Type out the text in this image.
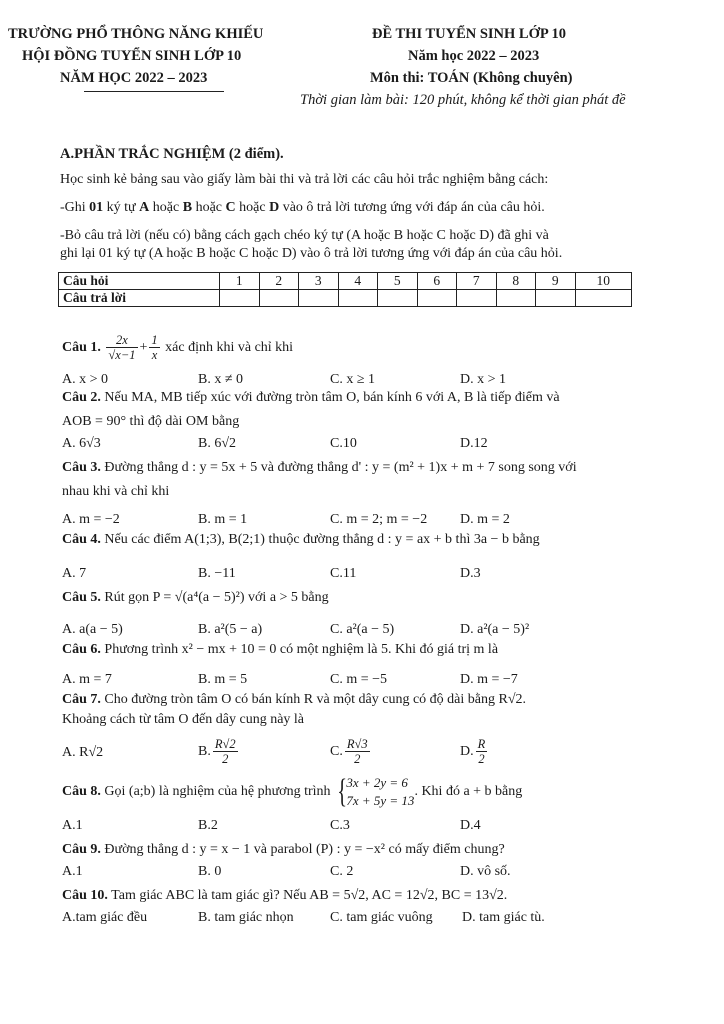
TRƯỜNG PHỔ THÔNG NĂNG KHIẾU
HỘI ĐỒNG TUYỂN SINH LỚP 10
NĂM HỌC 2022 – 2023
ĐỀ THI TUYỂN SINH LỚP 10
Năm học 2022 – 2023
Môn thi: TOÁN (Không chuyên)
Thời gian làm bài: 120 phút, không kể thời gian phát đề
A.PHẦN TRẮC NGHIỆM (2 điểm).
Học sinh kẻ bảng sau vào giấy làm bài thi và trả lời các câu hỏi trắc nghiệm bằng cách:
-Ghi 01 ký tự A hoặc B hoặc C hoặc D vào ô trả lời tương ứng với đáp án của câu hỏi.
-Bỏ câu trả lời (nếu có) bằng cách gạch chéo ký tự (A hoặc B hoặc C hoặc D) đã ghi và
ghi lại 01 ký tự (A hoặc B hoặc C hoặc D) vào ô trả lời tương ứng với đáp án của câu hỏi.
Câu hỏi	1	2	3	4	5	6	7	8	9	10
Câu trả lời										
Câu 1. $\frac{2x}{√x-1} + \frac{1}{x}$ xác định khi và chỉ khi
A. x > 0	B. x ≠ 0	C. x ≥ 1	D. x > 1
Câu 2. Nếu MA, MB tiếp xúc với đường tròn tâm O, bán kính 6 với A, B là tiếp điểm và
AOB = 90° thì độ dài OM bằng
A. 6√3	B. 6√2	C.10	D.12
Câu 3. Đường thẳng d : y = 5x + 5 và đường thẳng d' : y = (m² + 1)x + m + 7 song song với
nhau khi và chỉ khi
A. m = −2	B. m = 1	C. m = 2; m = −2 D. m = 2
Câu 4. Nếu các điểm A(1;3), B(2;1) thuộc đường thẳng d : y = ax + b thì 3a − b bằng
A. 7	B. −11	C.11	D.3
Câu 5. Rút gọn P = √(a⁴(a − 5)²) với a > 5 bằng
A. a(a − 5)	B. a²(5 − a)	C. a²(a − 5)	D. a²(a − 5)²
Câu 6. Phương trình x² − mx + 10 = 0 có một nghiệm là 5. Khi đó giá trị m là
A. m = 7	B. m = 5	C. m = −5	D. m = −7
Câu 7. Cho đường tròn tâm O có bán kính R và một dây cung có độ dài bằng R√2.
Khoảng cách từ tâm O đến dây cung này là
A. R√2	B. $\frac{R√2}{2}$	C. $\frac{R√3}{2}$	D. $\frac{R}{2}$
Câu 8. Gọi (a;b) là nghiệm của hệ phương trình { 3x + 2y = 6
7x + 5y = 13
. Khi đó a + b bằng
A.1	B.2	C.3	D.4
Câu 9. Đường thẳng d : y = x − 1 và parabol (P) : y = −x² có mấy điểm chung?
A.1	B. 0	C. 2	D. vô số.
Câu 10. Tam giác ABC là tam giác gì? Nếu AB = 5√2, AC = 12√2, BC = 13√2.
A.tam giác đều	B. tam giác nhọn	C. tam giác vuông D. tam giác tù.
